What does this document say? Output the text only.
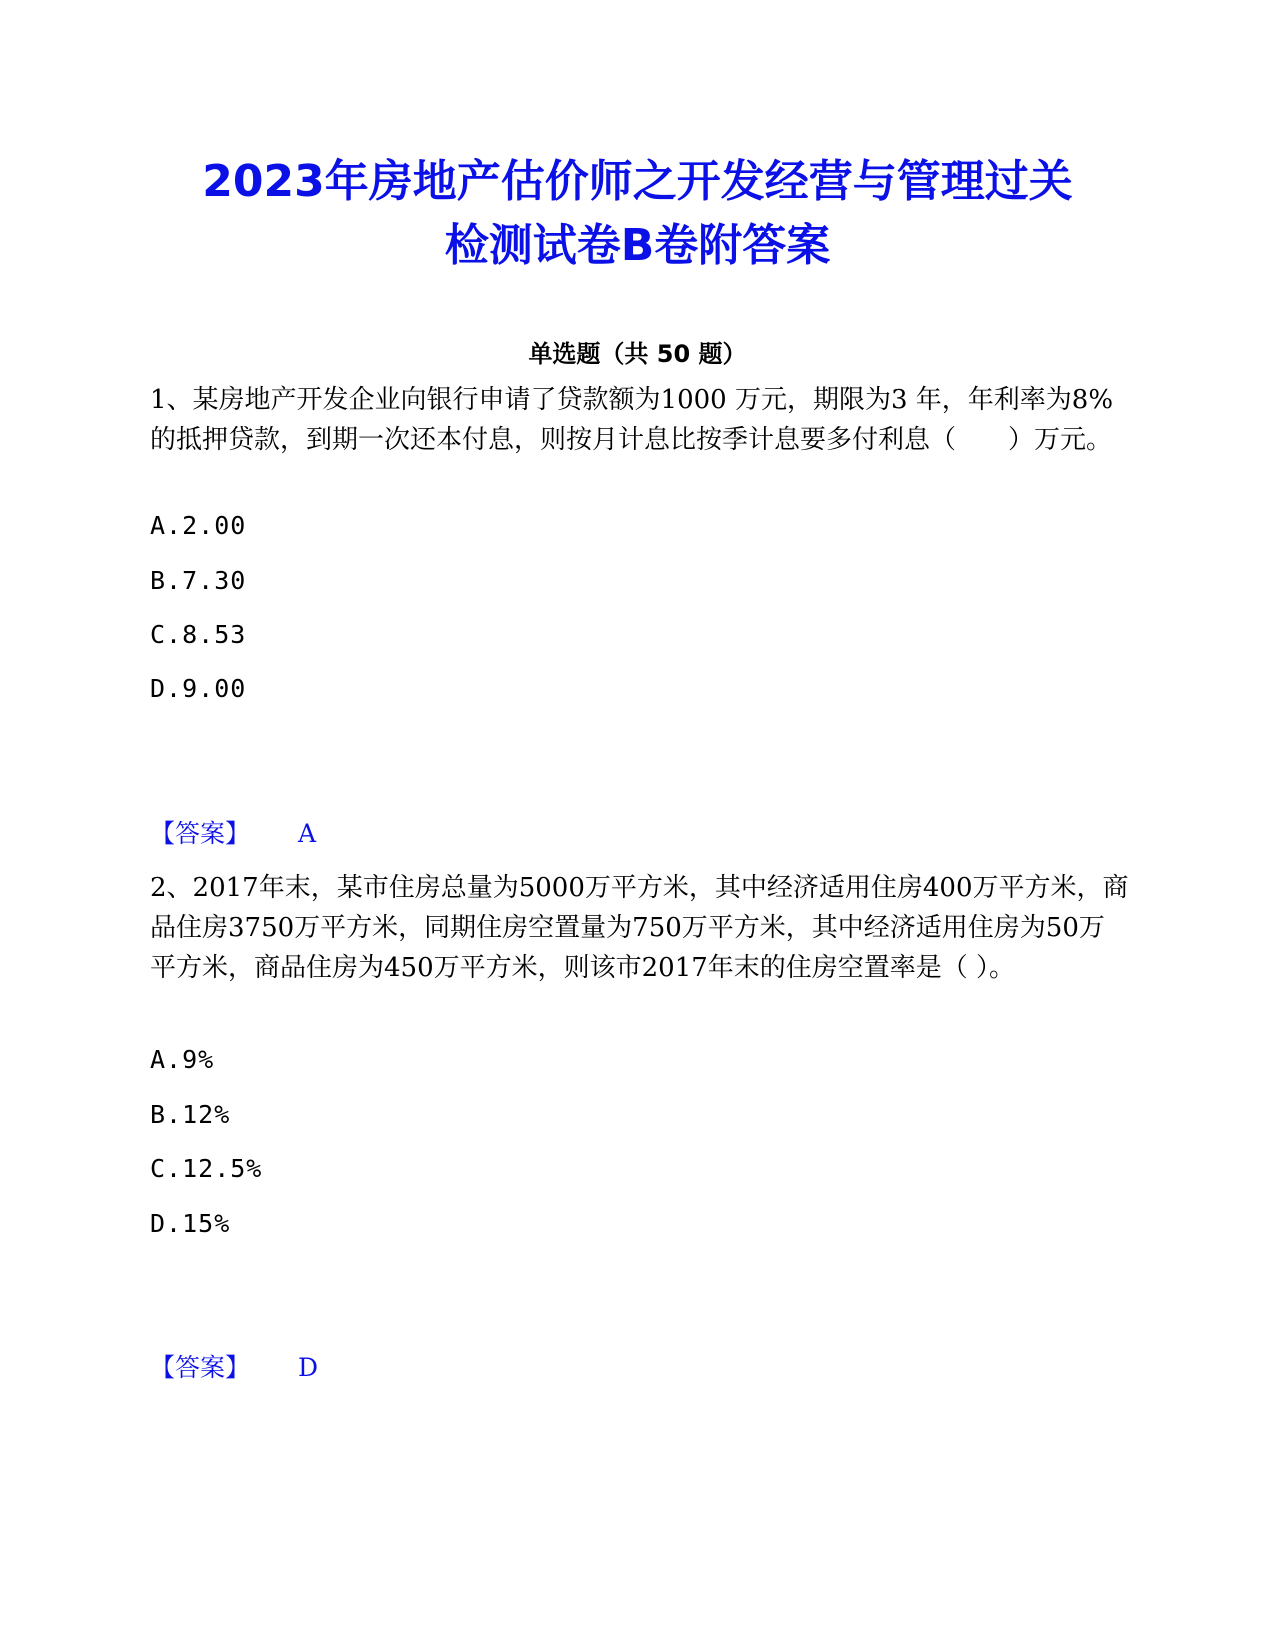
2023年房地产估价师之开发经营与管理过关
检测试卷B卷附答案
单选题（共 50 题）
1、某房地产开发企业向银行申请了贷款额为1000 万元，期限为3 年，年利率为8%的抵押贷款，到期一次还本付息，则按月计息比按季计息要多付利息（　　）万元。
A.2.00
B.7.30
C.8.53
D.9.00
【答案】 A
2、2017年末，某市住房总量为5000万平方米，其中经济适用住房400万平方米，商品住房3750万平方米，同期住房空置量为750万平方米，其中经济适用住房为50万平方米，商品住房为450万平方米，则该市2017年末的住房空置率是（ ）。
A.9%
B.12%
C.12.5%
D.15%
【答案】 D
